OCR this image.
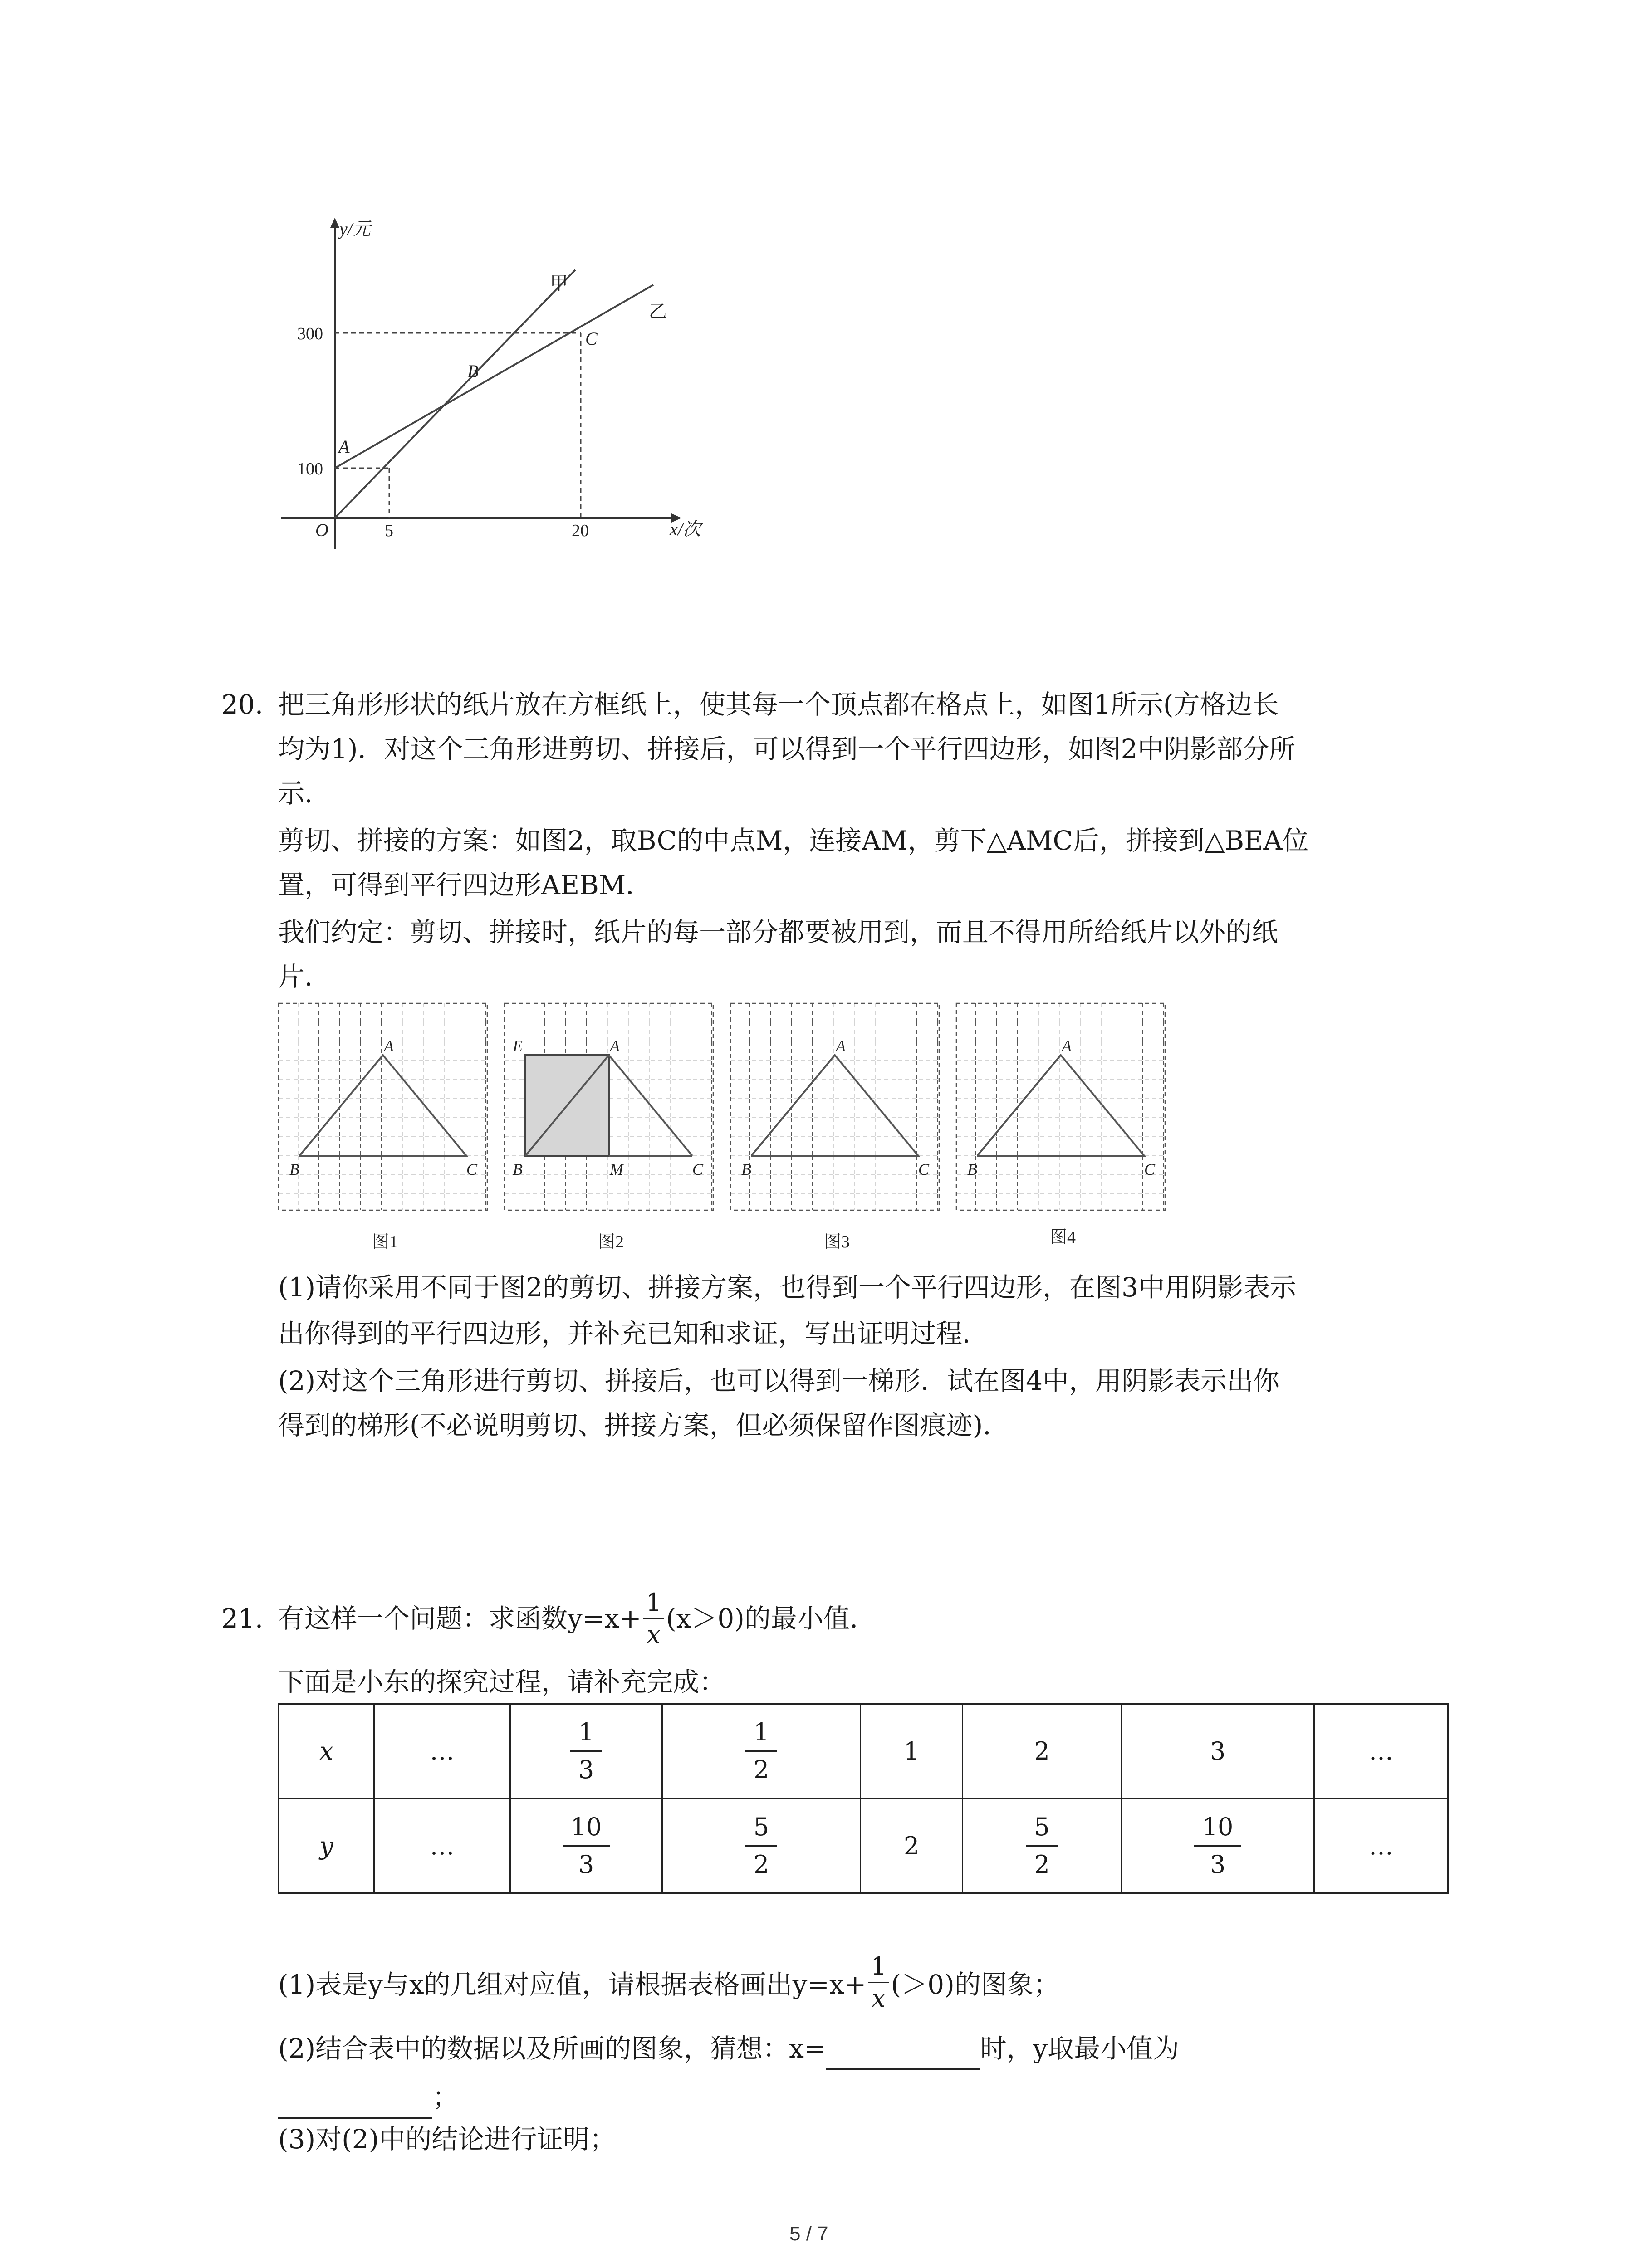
y/元
x/次
O
300
100
5	20
A
B
C
甲
乙
20. 把三角形形状的纸片放在方框纸上，使其每一个顶点都在格点上，如图1所示(方格边长
均为1)．对这个三角形进剪切、拼接后，可以得到一个平行四边形，如图2中阴影部分所
示．
剪切、拼接的方案：如图2，取BC的中点M，连接AM，剪下△AMC后，拼接到△BEA位
置，可得到平行四边形AEBM．
我们约定：剪切、拼接时，纸片的每一部分都要被用到，而且不得用所给纸片以外的纸
片．
A
B	C
图1
E	A
B	M	C
图2
A
B	C
图3
A
B	C
图4
(1)请你采用不同于图2的剪切、拼接方案，也得到一个平行四边形，在图3中用阴影表示
出你得到的平行四边形，并补充已知和求证，写出证明过程．
(2)对这个三角形进行剪切、拼接后，也可以得到一梯形．试在图4中，用阴影表示出你
得到的梯形(不必说明剪切、拼接方案，但必须保留作图痕迹)．
21. 有这样一个问题：求函数$y=x+ \frac{1}{x} (x>0)$的最小值．
下面是小东的探究过程，请补充完成：
x	…	$\frac{1}{3}$	$\frac{1}{2}$	1	2	3	…
y	…	$\frac{10}{3}$	$\frac{5}{2}$	2	$\frac{5}{2}$	$\frac{10}{3}$	…
(1)表是y与x的几组对应值，请根据表格画出$y=x+ \frac{1}{x} (>0)$的图象；
(2)结合表中的数据以及所画的图象，猜想：x=	时，y取最小值为
；
(3)对(2)中的结论进行证明；
5 / 7
